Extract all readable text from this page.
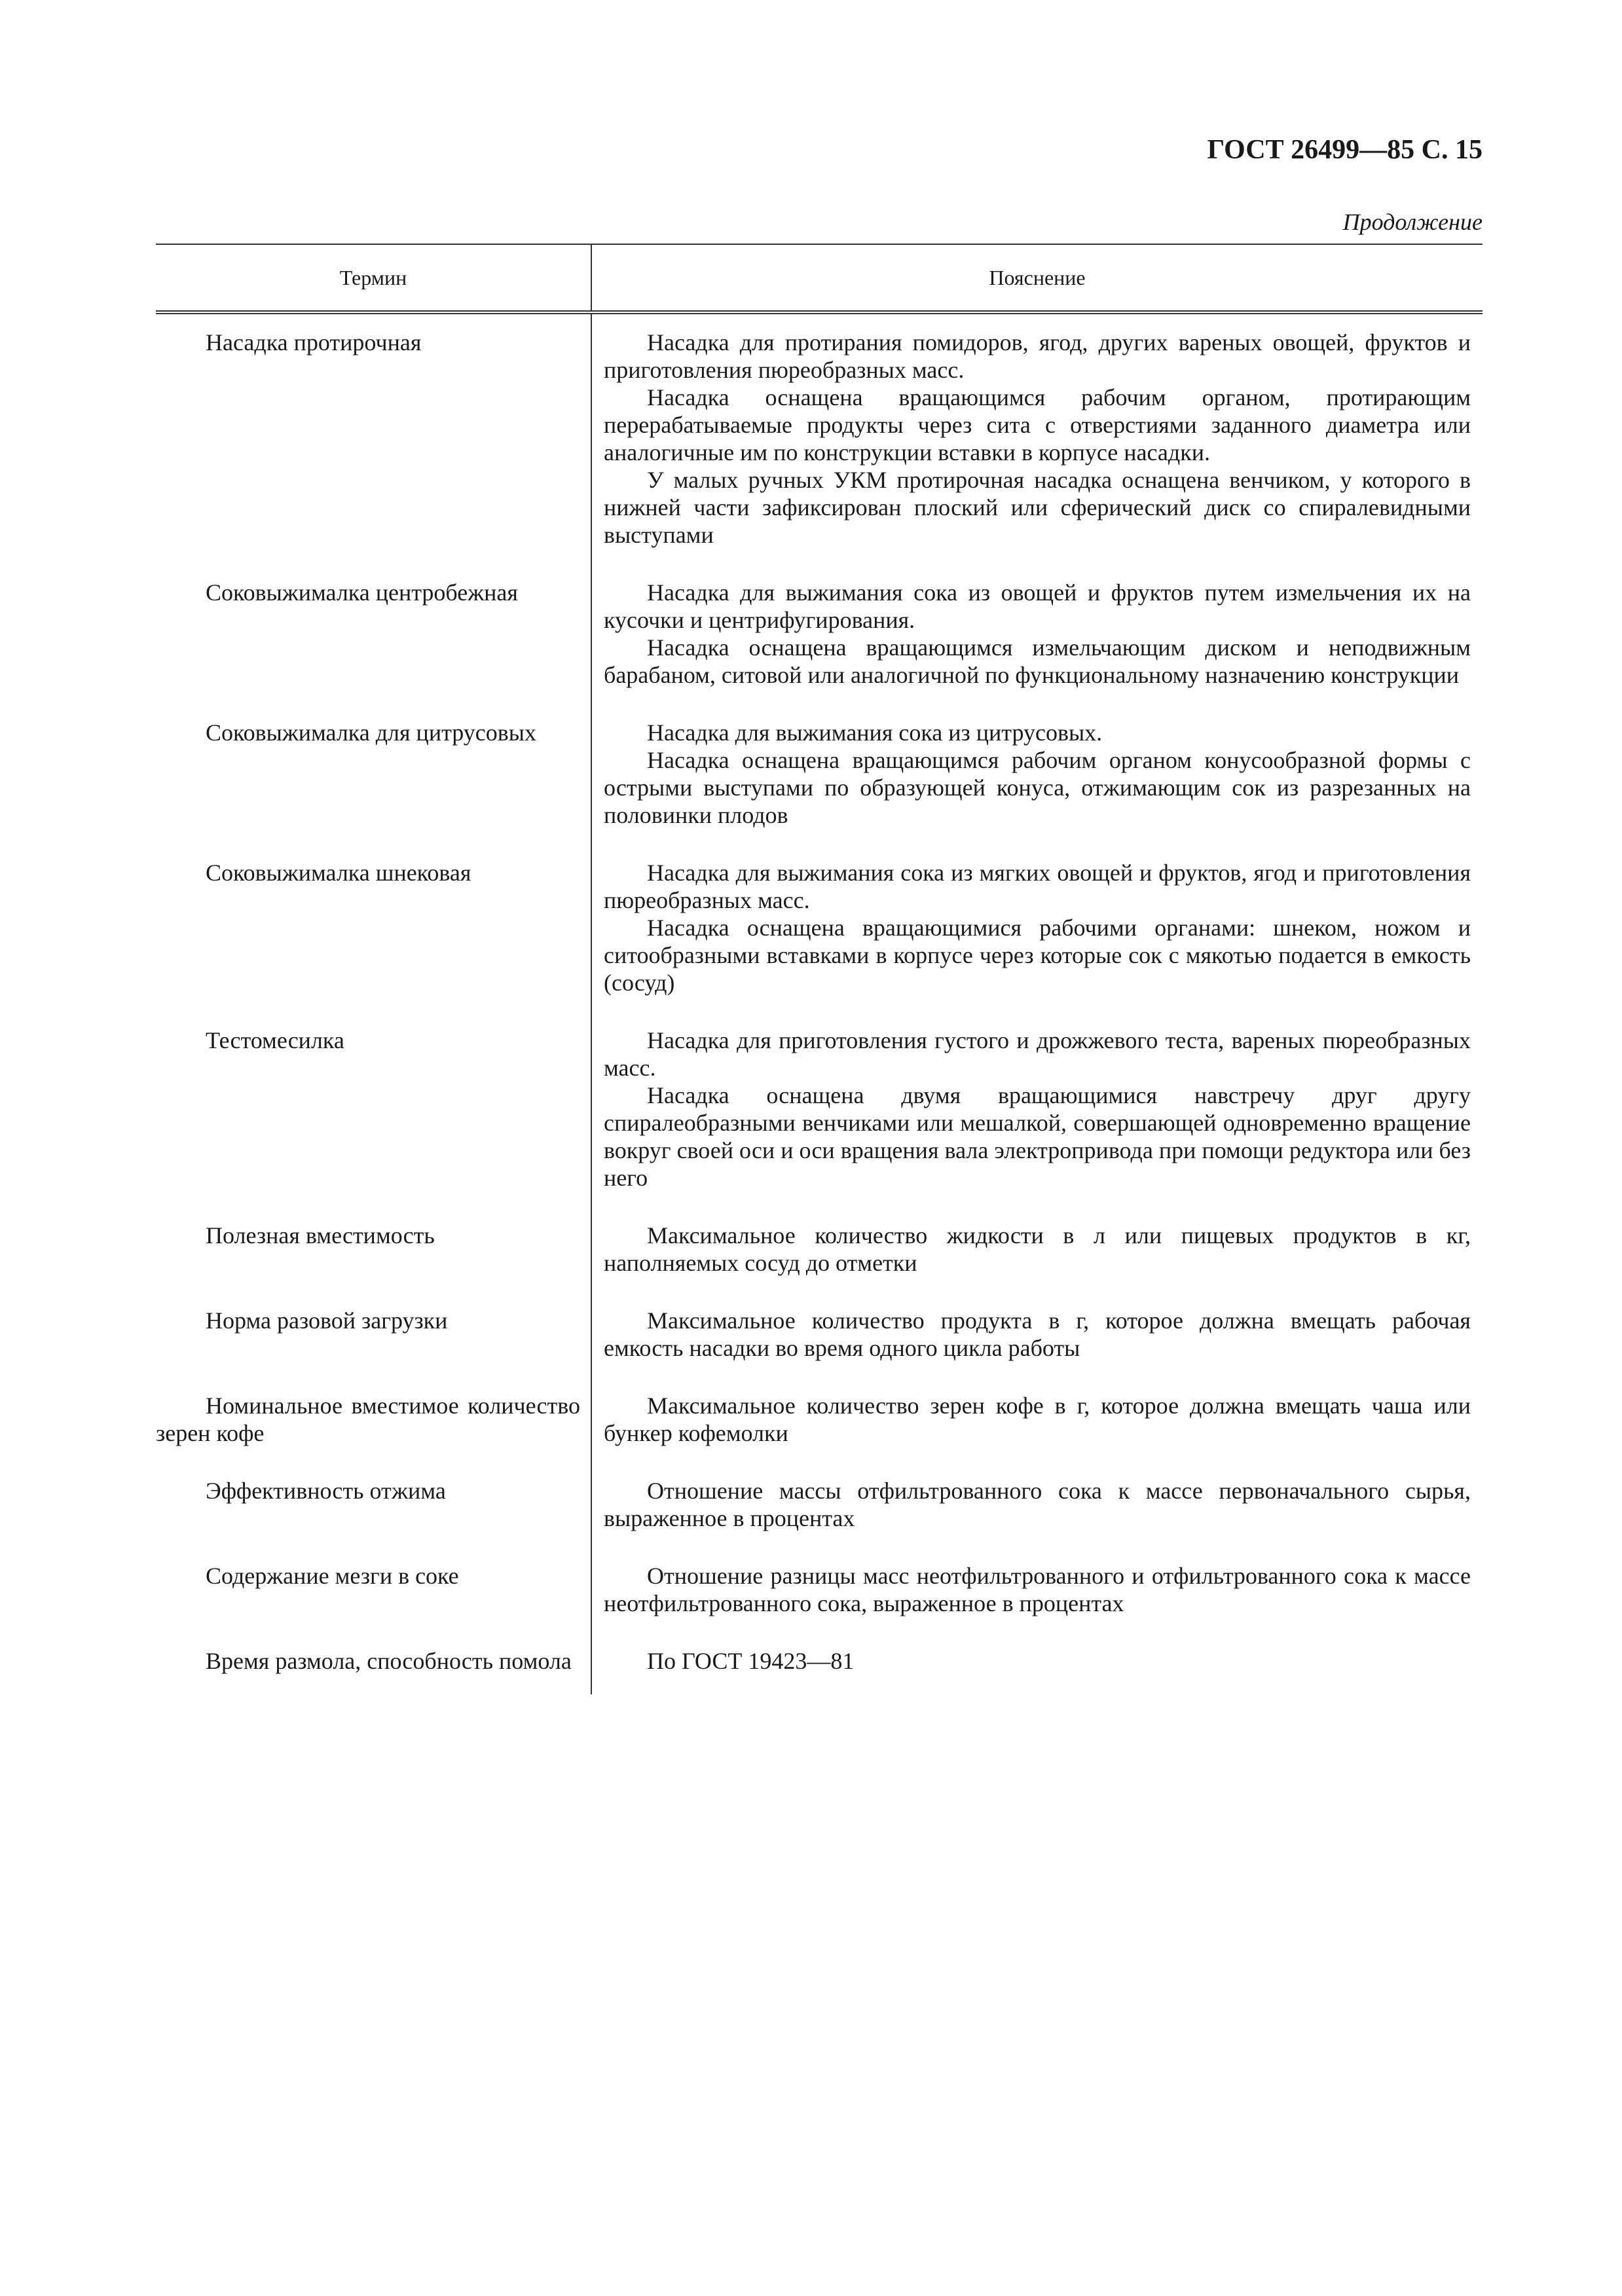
ГОСТ 26499—85 С. 15
Продолжение
Термин	Пояснение
Насадка протирочная	Насадка для протирания помидоров, ягод, других вареных овощей, фруктов и приготовления пюреобразных масс.

Насадка оснащена вращающимся рабочим органом, протирающим перерабатываемые продукты через сита с отверстиями заданного диаметра или аналогичные им по конструкции вставки в корпусе насадки.

У малых ручных УКМ протирочная насадка оснащена венчиком, у которого в нижней части зафиксирован плоский или сферический диск со спиралевидными выступами

Соковыжималка центробежная	Насадка для выжимания сока из овощей и фруктов путем измельчения их на кусочки и центрифугирования.

Насадка оснащена вращающимся измельчающим диском и неподвижным барабаном, ситовой или аналогичной по функциональному назначению конструкции

Соковыжималка для цитрусовых	Насадка для выжимания сока из цитрусовых.

Насадка оснащена вращающимся рабочим органом конусообразной формы с острыми выступами по образующей конуса, отжимающим сок из разрезанных на половинки плодов

Соковыжималка шнековая	Насадка для выжимания сока из мягких овощей и фруктов, ягод и приготовления пюреобразных масс.

Насадка оснащена вращающимися рабочими органами: шнеком, ножом и ситообразными вставками в корпусе через которые сок с мякотью подается в емкость (сосуд)

Тестомесилка	Насадка для приготовления густого и дрожжевого теста, вареных пюреобразных масс.

Насадка оснащена двумя вращающимися навстречу друг другу спиралеобразными венчиками или мешалкой, совершающей одновременно вращение вокруг своей оси и оси вращения вала электропривода при помощи редуктора или без него

Полезная вместимость	Максимальное количество жидкости в л или пищевых продуктов в кг, наполняемых сосуд до отметки

Норма разовой загрузки	Максимальное количество продукта в г, которое должна вмещать рабочая емкость насадки во время одного цикла работы

Номинальное вместимое количество зерен кофе	Максимальное количество зерен кофе в г, которое должна вмещать чаша или бункер кофемолки

Эффективность отжима	Отношение массы отфильтрованного сока к массе первоначального сырья, выраженное в процентах

Содержание мезги в соке	Отношение разницы масс неотфильтрованного и отфильтрованного сока к массе неотфильтрованного сока, выраженное в процентах

Время размола, способность помола	По ГОСТ 19423—81
